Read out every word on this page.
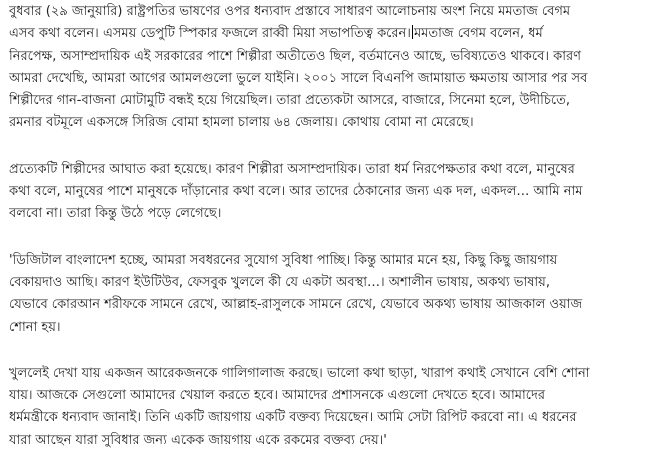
বুধবার (২৯ জানুয়ারি) রাষ্ট্রপতির ভাষণের ওপর ধন্যবাদ প্রস্তাবে সাধারণ আলোচনায় অংশ নিয়ে মমতাজ বেগম
এসব কথা বলেন। এসময় ডেপুটি স্পিকার ফজলে রাব্বী মিয়া সভাপতিত্ব করেন। মমতাজ বেগম বলেন, ধর্ম
নিরপেক্ষ, অসাম্প্রদায়িক এই সরকারের পাশে শিল্পীরা অতীতেও ছিল, বর্তমানেও আছে, ভবিষ্যতেও থাকবে। কারণ
আমরা দেখেছি, আমরা আগের আমলগুলো ভুলে যাইনি। ২০০১ সালে বিএনপি জামায়াত ক্ষমতায় আসার পর সব
শিল্পীদের গান-বাজনা মোটামুটি বন্ধই হয়ে গিয়েছিল। তারা প্রত্যেকটা আসরে, বাজারে, সিনেমা হলে, উদীচিতে,
রমনার বটমূলে একসঙ্গে সিরিজ বোমা হামলা চালায় ৬৪ জেলায়। কোথায় বোমা না মেরেছে।

প্রত্যেকটি শিল্পীদের আঘাত করা হয়েছে। কারণ শিল্পীরা অসাম্প্রদায়িক। তারা ধর্ম নিরপেক্ষতার কথা বলে, মানুষের
কথা বলে, মানুষের পাশে মানুষকে দাঁড়ানোর কথা বলে। আর তাদের ঠেকানোর জন্য এক দল, একদল… আমি নাম
বলবো না। তারা কিন্তু উঠে পড়ে লেগেছে।

'ডিজিটাল বাংলাদেশ হচ্ছে, আমরা সবধরনের সুযোগ সুবিধা পাচ্ছি। কিন্তু আমার মনে হয়, কিছু কিছু জায়গায়
বেকায়দাও আছি। কারণ ইউটিউব, ফেসবুক খুললে কী যে একটা অবস্থা…। অশালীন ভাষায়, অকথ্য ভাষায়,
যেভাবে কোরআন শরীফকে সামনে রেখে, আল্লাহ-রাসুলকে সামনে রেখে, যেভাবে অকথ্য ভাষায় আজকাল ওয়াজ
শোনা হয়।

খুললেই দেখা যায় একজন আরেকজনকে গালিগালাজ করছে। ভালো কথা ছাড়া, খারাপ কথাই সেখানে বেশি শোনা
যায়। আজকে সেগুলো আমাদের খেয়াল করতে হবে। আমাদের প্রশাসনকে এগুলো দেখতে হবে। আমাদের
ধর্মমন্ত্রীকে ধন্যবাদ জানাই। তিনি একটি জায়গায় একটি বক্তব্য দিয়েছেন। আমি সেটা রিপিট করবো না। এ ধরনের
যারা আছেন যারা সুবিধার জন্য একেক জায়গায় একে রকমের বক্তব্য দেয়।'
